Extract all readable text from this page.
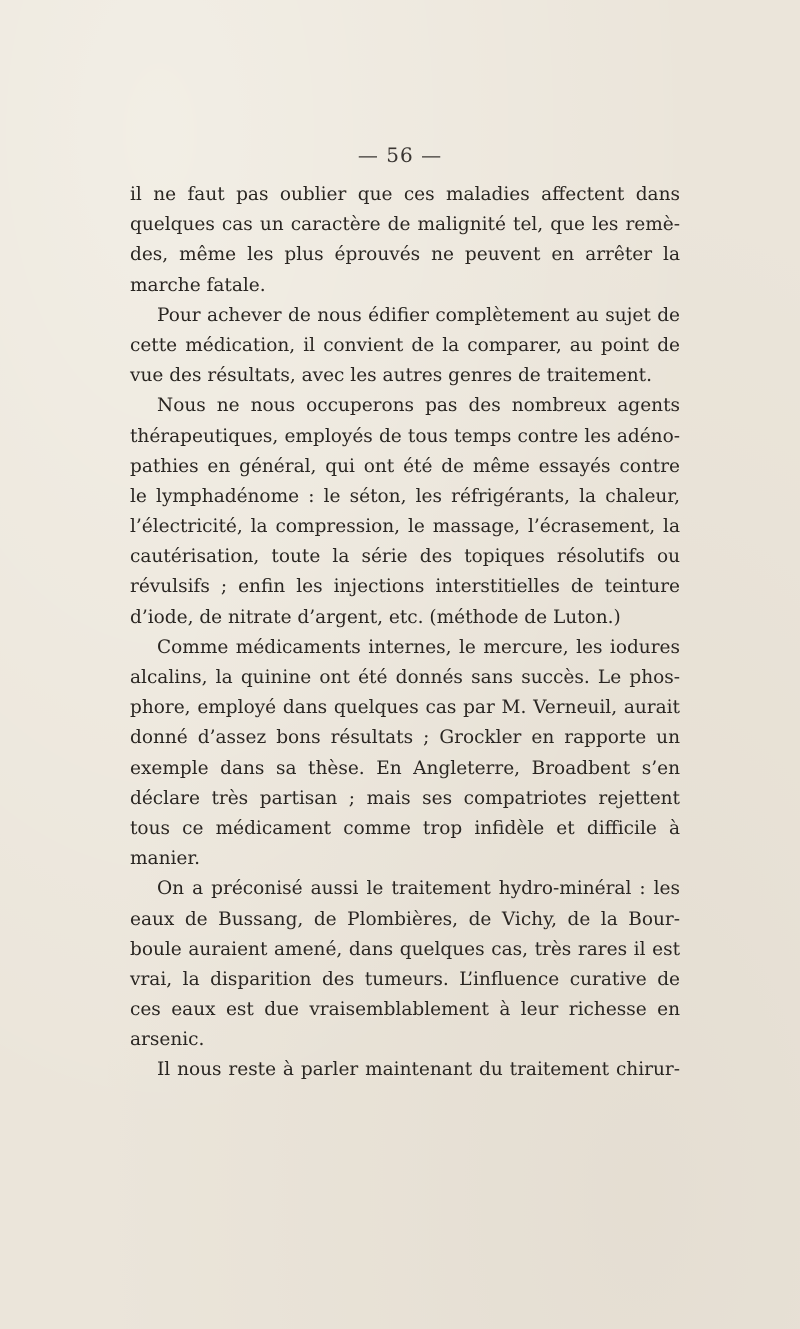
— 56 —

il ne faut pas oublier que ces maladies affectent dans
quelques cas un caractère de malignité tel, que les remè-
des, même les plus éprouvés ne peuvent en arrêter la
marche fatale.
Pour achever de nous édifier complètement au sujet de
cette médication, il convient de la comparer, au point de
vue des résultats, avec les autres genres de traitement.
Nous ne nous occuperons pas des nombreux agents
thérapeutiques, employés de tous temps contre les adéno-
pathies en général, qui ont été de même essayés contre
le lymphadénome : le séton, les réfrigérants, la chaleur,
l’électricité, la compression, le massage, l’écrasement, la
cautérisation, toute la série des topiques résolutifs ou
révulsifs ; enfin les injections interstitielles de teinture
d’iode, de nitrate d’argent, etc. (méthode de Luton.)
Comme médicaments internes, le mercure, les iodures
alcalins, la quinine ont été donnés sans succès. Le phos-
phore, employé dans quelques cas par M. Verneuil, aurait
donné d’assez bons résultats ; Grockler en rapporte un
exemple dans sa thèse. En Angleterre, Broadbent s’en
déclare très partisan ; mais ses compatriotes rejettent
tous ce médicament comme trop infidèle et difficile à
manier.
On a préconisé aussi le traitement hydro-minéral : les
eaux de Bussang, de Plombières, de Vichy, de la Bour-
boule auraient amené, dans quelques cas, très rares il est
vrai, la disparition des tumeurs. L’influence curative de
ces eaux est due vraisemblablement à leur richesse en
arsenic.
Il nous reste à parler maintenant du traitement chirur-
